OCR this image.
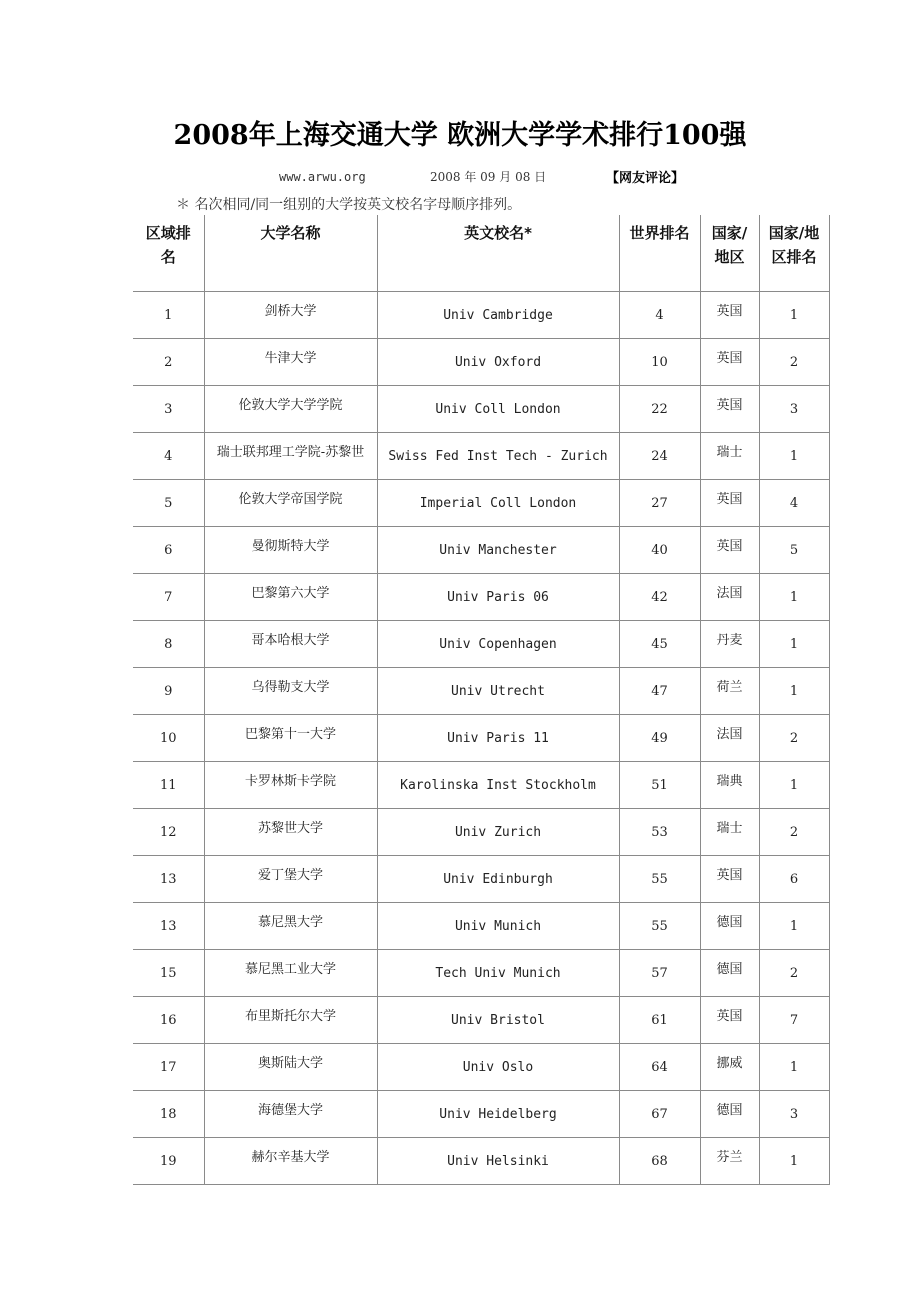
2008年上海交通大学 欧洲大学学术排行100强
www.arwu.org	2008 年 09 月 08 日	【网友评论】
＊ 名次相同/同一组别的大学按英文校名字母顺序排列。
区域排名	大学名称	英文校名*	世界排名	国家/地区	国家/地区排名
1	剑桥大学	Univ Cambridge	4	英国	1
2	牛津大学	Univ Oxford	10	英国	2
3	伦敦大学大学学院	Univ Coll London	22	英国	3
4	瑞士联邦理工学院-苏黎世	Swiss Fed Inst Tech - Zurich	24	瑞士	1
5	伦敦大学帝国学院	Imperial Coll London	27	英国	4
6	曼彻斯特大学	Univ Manchester	40	英国	5
7	巴黎第六大学	Univ Paris 06	42	法国	1
8	哥本哈根大学	Univ Copenhagen	45	丹麦	1
9	乌得勒支大学	Univ Utrecht	47	荷兰	1
10	巴黎第十一大学	Univ Paris 11	49	法国	2
11	卡罗林斯卡学院	Karolinska Inst Stockholm	51	瑞典	1
12	苏黎世大学	Univ Zurich	53	瑞士	2
13	爱丁堡大学	Univ Edinburgh	55	英国	6
13	慕尼黑大学	Univ Munich	55	德国	1
15	慕尼黑工业大学	Tech Univ Munich	57	德国	2
16	布里斯托尔大学	Univ Bristol	61	英国	7
17	奥斯陆大学	Univ Oslo	64	挪威	1
18	海德堡大学	Univ Heidelberg	67	德国	3
19	赫尔辛基大学	Univ Helsinki	68	芬兰	1
